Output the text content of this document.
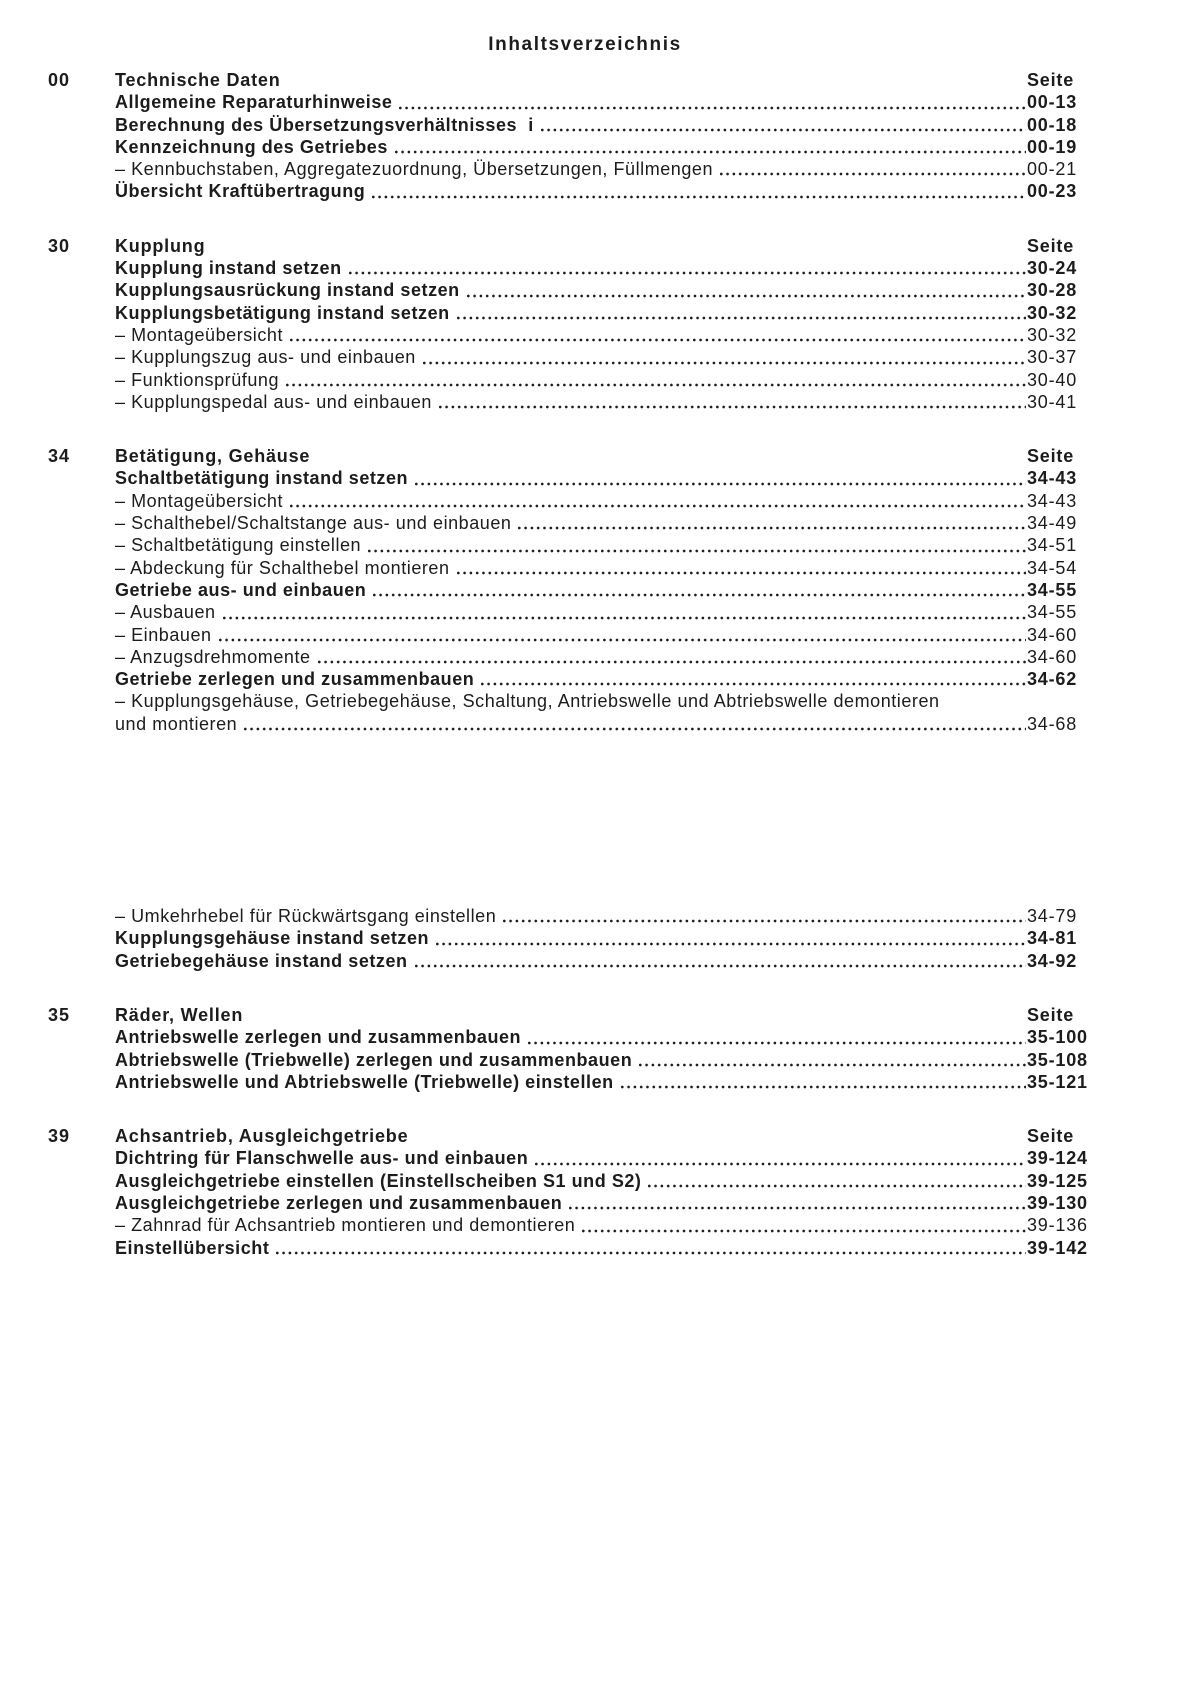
Inhaltsverzeichnis
00	Technische Daten	Seite
Allgemeine Reparaturhinweise	00-13
Berechnung des Übersetzungsverhältnisses  i	00-18
Kennzeichnung des Getriebes	00-19
– Kennbuchstaben, Aggregatezuordnung, Übersetzungen, Füllmengen	00-21
Übersicht Kraftübertragung	00-23
30	Kupplung	Seite
Kupplung instand setzen	30-24
Kupplungsausrückung instand setzen	30-28
Kupplungsbetätigung instand setzen	30-32
– Montageübersicht	30-32
– Kupplungszug aus- und einbauen	30-37
– Funktionsprüfung	30-40
– Kupplungspedal aus- und einbauen	30-41
34	Betätigung, Gehäuse	Seite
Schaltbetätigung instand setzen	34-43
– Montageübersicht	34-43
– Schalthebel/Schaltstange aus- und einbauen	34-49
– Schaltbetätigung einstellen	34-51
– Abdeckung für Schalthebel montieren	34-54
Getriebe aus- und einbauen	34-55
– Ausbauen	34-55
– Einbauen	34-60
– Anzugsdrehmomente	34-60
Getriebe zerlegen und zusammenbauen	34-62
– Kupplungsgehäuse, Getriebegehäuse, Schaltung, Antriebswelle und Abtriebswelle demontieren
und montieren	34-68
– Umkehrhebel für Rückwärtsgang einstellen	34-79
Kupplungsgehäuse instand setzen	34-81
Getriebegehäuse instand setzen	34-92
35	Räder, Wellen	Seite
Antriebswelle zerlegen und zusammenbauen	35-100
Abtriebswelle (Triebwelle) zerlegen und zusammenbauen	35-108
Antriebswelle und Abtriebswelle (Triebwelle) einstellen	35-121
39	Achsantrieb, Ausgleichgetriebe	Seite
Dichtring für Flanschwelle aus- und einbauen	39-124
Ausgleichgetriebe einstellen (Einstellscheiben S1 und S2)	39-125
Ausgleichgetriebe zerlegen und zusammenbauen	39-130
– Zahnrad für Achsantrieb montieren und demontieren	39-136
Einstellübersicht	39-142
